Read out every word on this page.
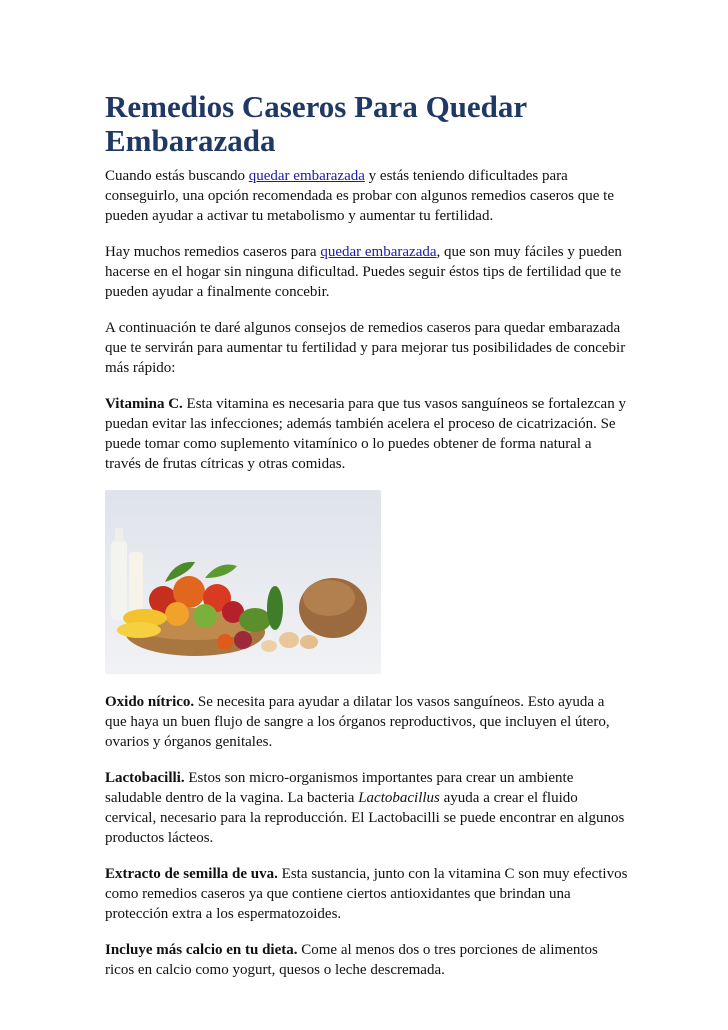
Remedios Caseros Para Quedar Embarazada

Cuando estás buscando quedar embarazada y estás teniendo dificultades para conseguirlo, una opción recomendada es probar con algunos remedios caseros que te pueden ayudar a activar tu metabolismo y aumentar tu fertilidad.

Hay muchos remedios caseros para quedar embarazada, que son muy fáciles y pueden hacerse en el hogar sin ninguna dificultad. Puedes seguir éstos tips de fertilidad que te pueden ayudar a finalmente concebir.

A continuación te daré algunos consejos de remedios caseros para quedar embarazada que te servirán para aumentar tu fertilidad y para mejorar tus posibilidades de concebir más rápido:

Vitamina C. Esta vitamina es necesaria para que tus vasos sanguíneos se fortalezcan y puedan evitar las infecciones; además también acelera el proceso de cicatrización. Se puede tomar como suplemento vitamínico o lo puedes obtener de forma natural a través de frutas cítricas y otras comidas.

Oxido nítrico. Se necesita para ayudar a dilatar los vasos sanguíneos. Esto ayuda a que haya un buen flujo de sangre a los órganos reproductivos, que incluyen el útero, ovarios y órganos genitales.

Lactobacilli. Estos son micro-organismos importantes para crear un ambiente saludable dentro de la vagina. La bacteria Lactobacillus ayuda a crear el fluido cervical, necesario para la reproducción. El Lactobacilli se puede encontrar en algunos productos lácteos.

Extracto de semilla de uva. Esta sustancia, junto con la vitamina C son muy efectivos como remedios caseros ya que contiene ciertos antioxidantes que brindan una protección extra a los espermatozoides.

Incluye más calcio en tu dieta. Come al menos dos o tres porciones de alimentos ricos en calcio como yogurt, quesos o leche descremada.
